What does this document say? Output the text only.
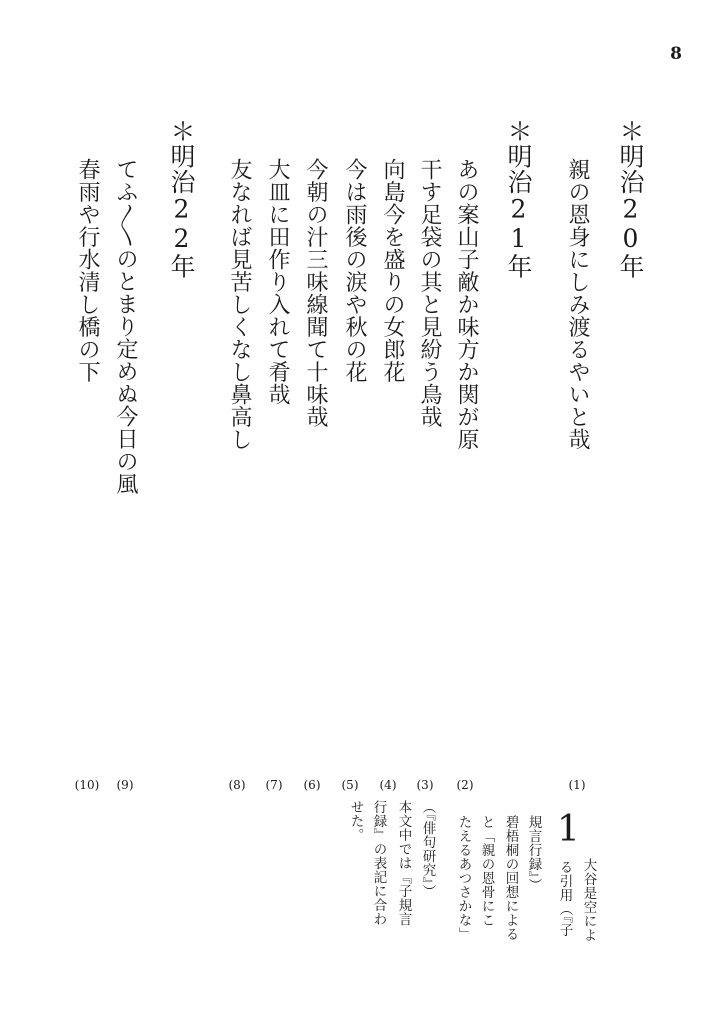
8
＊明治20年
親の恩身にしみ渡るやいと哉
＊明治21年
あの案山子敵か味方か関が原
干す足袋の其と見紛う鳥哉
向島今を盛りの女郎花
今は雨後の涙や秋の花
今朝の汁三味線聞て十味哉
大皿に田作り入れて肴哉
友なれば見苦しくなし鼻高し
＊明治22年
てふ〳〵のとまり定めぬ今日の風
春雨や行水清し橋の下
(1)
(2)
(3)
(4)
(5)
(6)
(7)
(8)
(9)
(10)
1
大谷是空によ
る引用（『子
規言行録』）
碧梧桐の回想による
と「親の恩骨にこ
たえるあつさかな」
（『俳句研究』）
本文中では『子規言
行録』の表記に合わ
せた。
